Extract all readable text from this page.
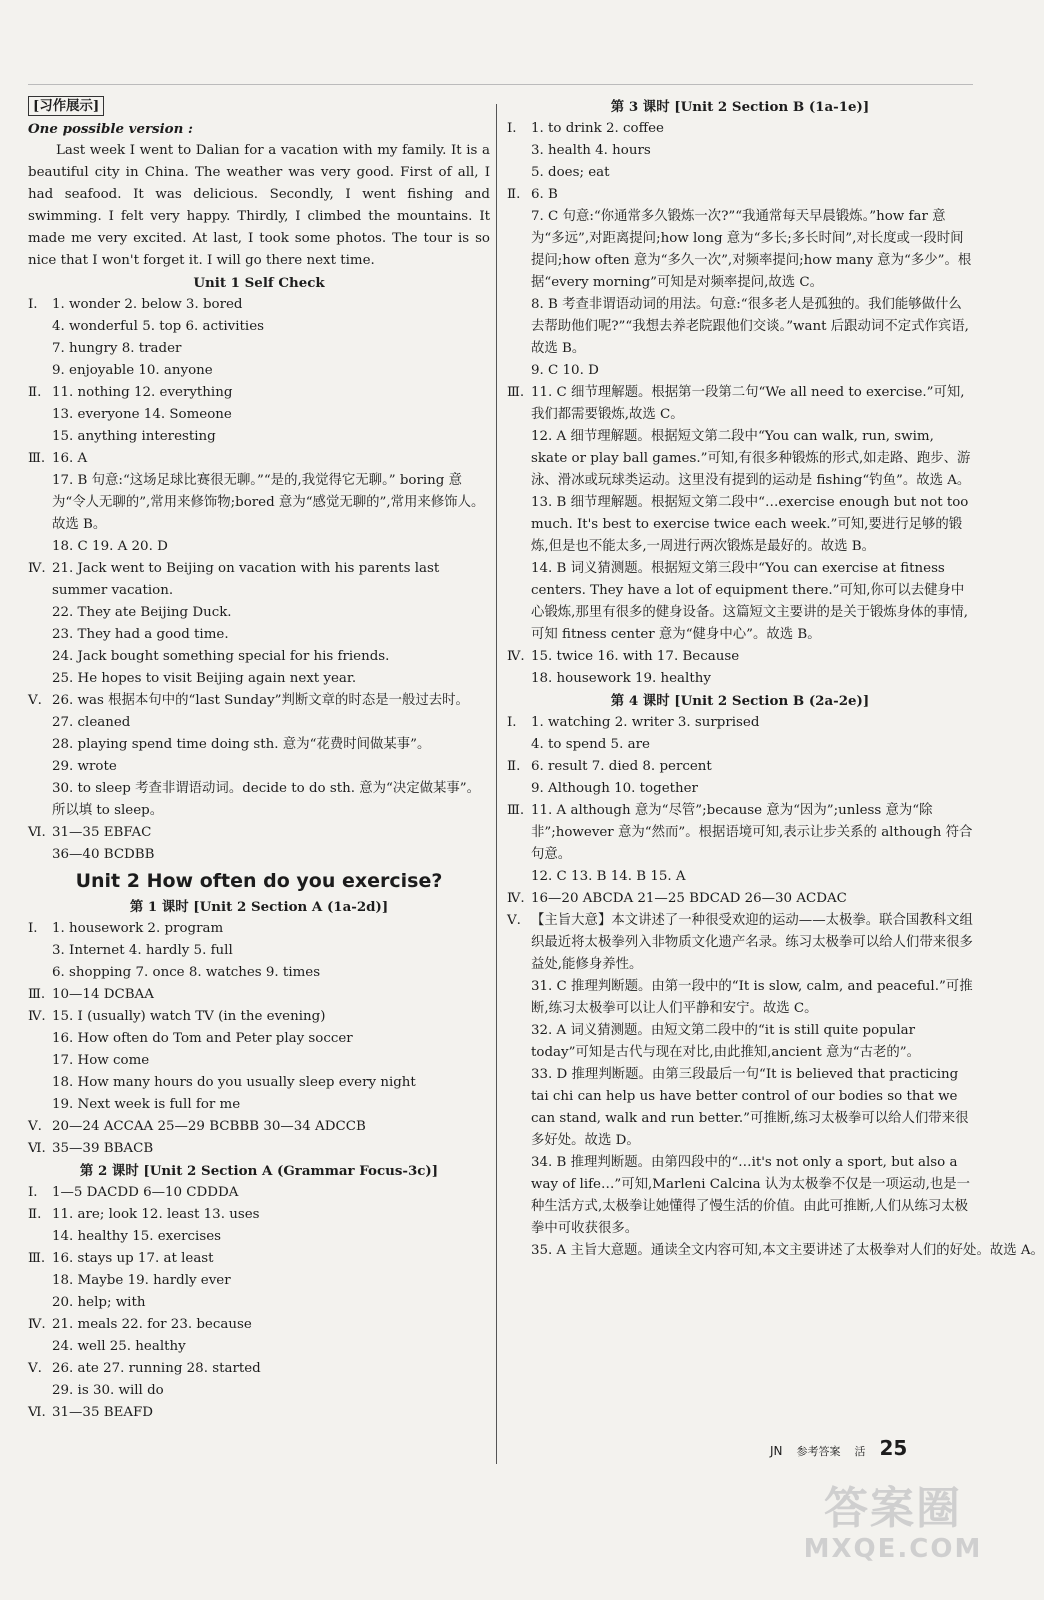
[习作展示]
One possible version :
Last week I went to Dalian for a vacation with my family. It is a beautiful city in China. The weather was very good. First of all, I had seafood. It was delicious. Secondly, I went fishing and swimming. I felt very happy. Thirdly, I climbed the mountains. It made me very excited. At last, I took some photos. The tour is so nice that I won't forget it. I will go there next time.
Unit 1 Self Check
Ⅰ. 1. wonder 2. below 3. bored
4. wonderful 5. top 6. activities
7. hungry 8. trader
9. enjoyable 10. anyone
Ⅱ. 11. nothing 12. everything
13. everyone 14. Someone
15. anything interesting
Ⅲ. 16. A
17. B 句意:“这场足球比赛很无聊。”“是的,我觉得它无聊。” boring 意为“令人无聊的”,常用来修饰物;bored 意为“感觉无聊的”,常用来修饰人。故选 B。
18. C 19. A 20. D
Ⅳ. 21. Jack went to Beijing on vacation with his parents last summer vacation.
22. They ate Beijing Duck.
23. They had a good time.
24. Jack bought something special for his friends.
25. He hopes to visit Beijing again next year.
Ⅴ. 26. was 根据本句中的“last Sunday”判断文章的时态是一般过去时。
27. cleaned
28. playing spend time doing sth. 意为“花费时间做某事”。
29. wrote
30. to sleep 考查非谓语动词。decide to do sth. 意为“决定做某事”。所以填 to sleep。
Ⅵ. 31—35 EBFAC
36—40 BCDBB
Unit 2 How often do you exercise?
第 1 课时 [Unit 2 Section A (1a-2d)]
Ⅰ. 1. housework 2. program
3. Internet 4. hardly 5. full
6. shopping 7. once 8. watches 9. times
Ⅲ. 10—14 DCBAA
Ⅳ. 15. I (usually) watch TV (in the evening)
16. How often do Tom and Peter play soccer
17. How come
18. How many hours do you usually sleep every night
19. Next week is full for me
Ⅴ. 20—24 ACCAA 25—29 BCBBB 30—34 ADCCB
Ⅵ. 35—39 BBACB
第 2 课时 [Unit 2 Section A (Grammar Focus-3c)]
Ⅰ. 1—5 DACDD 6—10 CDDDA
Ⅱ. 11. are; look 12. least 13. uses
14. healthy 15. exercises
Ⅲ. 16. stays up 17. at least
18. Maybe 19. hardly ever
20. help; with
Ⅳ. 21. meals 22. for 23. because
24. well 25. healthy
Ⅴ. 26. ate 27. running 28. started
29. is 30. will do
Ⅵ. 31—35 BEAFD
第 3 课时 [Unit 2 Section B (1a-1e)]
Ⅰ. 1. to drink 2. coffee
3. health 4. hours
5. does; eat
Ⅱ. 6. B
7. C 句意:“你通常多久锻炼一次?”“我通常每天早晨锻炼。”how far 意为“多远”,对距离提问;how long 意为“多长;多长时间”,对长度或一段时间提问;how often 意为“多久一次”,对频率提问;how many 意为“多少”。根据“every morning”可知是对频率提问,故选 C。
8. B 考查非谓语动词的用法。句意:“很多老人是孤独的。我们能够做什么去帮助他们呢?”“我想去养老院跟他们交谈。”want 后跟动词不定式作宾语,故选 B。
9. C 10. D
Ⅲ. 11. C 细节理解题。根据第一段第二句“We all need to exercise.”可知,我们都需要锻炼,故选 C。
12. A 细节理解题。根据短文第二段中“You can walk, run, swim, skate or play ball games.”可知,有很多种锻炼的形式,如走路、跑步、游泳、滑冰或玩球类运动。这里没有提到的运动是 fishing“钓鱼”。故选 A。
13. B 细节理解题。根据短文第二段中“…exercise enough but not too much. It's best to exercise twice each week.”可知,要进行足够的锻炼,但是也不能太多,一周进行两次锻炼是最好的。故选 B。
14. B 词义猜测题。根据短文第三段中“You can exercise at fitness centers. They have a lot of equipment there.”可知,你可以去健身中心锻炼,那里有很多的健身设备。这篇短文主要讲的是关于锻炼身体的事情,可知 fitness center 意为“健身中心”。故选 B。
Ⅳ. 15. twice 16. with 17. Because
18. housework 19. healthy
第 4 课时 [Unit 2 Section B (2a-2e)]
Ⅰ. 1. watching 2. writer 3. surprised
4. to spend 5. are
Ⅱ. 6. result 7. died 8. percent
9. Although 10. together
Ⅲ. 11. A although 意为“尽管”;because 意为“因为”;unless 意为“除非”;however 意为“然而”。根据语境可知,表示让步关系的 although 符合句意。
12. C 13. B 14. B 15. A
Ⅳ. 16—20 ABCDA 21—25 BDCAD 26—30 ACDAC
Ⅴ. 【主旨大意】本文讲述了一种很受欢迎的运动——太极拳。联合国教科文组织最近将太极拳列入非物质文化遗产名录。练习太极拳可以给人们带来很多益处,能修身养性。
31. C 推理判断题。由第一段中的“It is slow, calm, and peaceful.”可推断,练习太极拳可以让人们平静和安宁。故选 C。
32. A 词义猜测题。由短文第二段中的“it is still quite popular today”可知是古代与现在对比,由此推知,ancient 意为“古老的”。
33. D 推理判断题。由第三段最后一句“It is believed that practicing tai chi can help us have better control of our bodies so that we can stand, walk and run better.”可推断,练习太极拳可以给人们带来很多好处。故选 D。
34. B 推理判断题。由第四段中的“…it's not only a sport, but also a way of life…”可知,Marleni Calcina 认为太极拳不仅是一项运动,也是一种生活方式,太极拳让她懂得了慢生活的价值。由此可推断,人们从练习太极拳中可收获很多。
35. A 主旨大意题。通读全文内容可知,本文主要讲述了太极拳对人们的好处。故选 A。
JN 参考答案 活 25
答案圈
MXQE.COM
